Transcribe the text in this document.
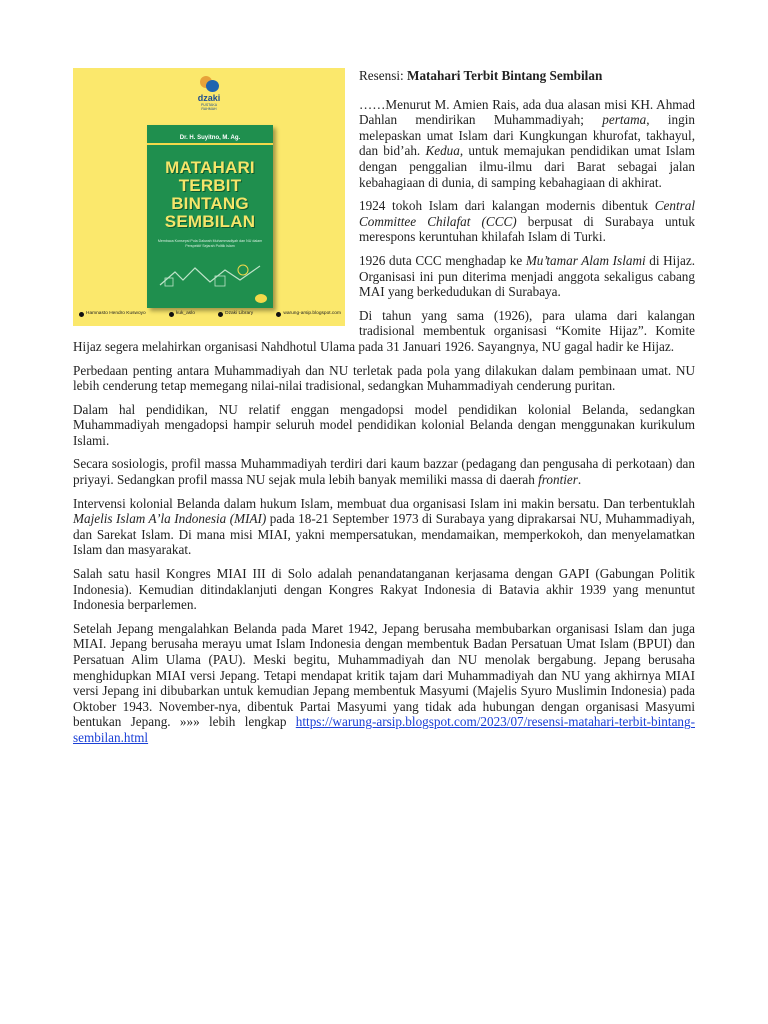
dzaki
PUSTAKA RAHMAH
Dr. H. Suyitno, M. Ag.
MATAHARI
TERBIT
BINTANG
SEMBILAN
Membaca Konsepsi Pola Dakwah Muhammadiyah dan NU dalam Perspektif Sejarah Politik Islam
Hamnasto Hendro Kuswoyo	kuk_aslo	Dzaki Library	warung-arsip.blogspot.com

Resensi: Matahari Terbit Bintang Sembilan

……Menurut M. Amien Rais, ada dua alasan misi KH. Ahmad Dahlan mendirikan Muhammadiyah; pertama, ingin melepaskan umat Islam dari Kungkungan khurofat, takhayul, dan bid’ah. Kedua, untuk memajukan pendidikan umat Islam dengan penggalian ilmu-ilmu dari Barat sebagai jalan kebahagiaan di dunia, di samping kebahagiaan di akhirat.

1924 tokoh Islam dari kalangan modernis dibentuk Central Committee Chilafat (CCC) berpusat di Surabaya untuk merespons keruntuhan khilafah Islam di Turki.

1926 duta CCC menghadap ke Mu’tamar Alam Islami di Hijaz. Organisasi ini pun diterima menjadi anggota sekaligus cabang MAI yang berkedudukan di Surabaya.

Di tahun yang sama (1926), para ulama dari kalangan tradisional membentuk organisasi “Komite Hijaz”. Komite Hijaz segera melahirkan organisasi Nahdhotul Ulama pada 31 Januari 1926. Sayangnya, NU gagal hadir ke Hijaz.

Perbedaan penting antara Muhammadiyah dan NU terletak pada pola yang dilakukan dalam pembinaan umat. NU lebih cenderung tetap memegang nilai-nilai tradisional, sedangkan Muhammadiyah cenderung puritan.

Dalam hal pendidikan, NU relatif enggan mengadopsi model pendidikan kolonial Belanda, sedangkan Muhammadiyah mengadopsi hampir seluruh model pendidikan kolonial Belanda dengan menggunakan kurikulum Islami.

Secara sosiologis, profil massa Muhammadiyah terdiri dari kaum bazzar (pedagang dan pengusaha di perkotaan) dan priyayi. Sedangkan profil massa NU sejak mula lebih banyak memiliki massa di daerah frontier.

Intervensi kolonial Belanda dalam hukum Islam, membuat dua organisasi Islam ini makin bersatu. Dan terbentuklah Majelis Islam A’la Indonesia (MIAI) pada 18-21 September 1973 di Surabaya yang diprakarsai NU, Muhammadiyah, dan Sarekat Islam. Di mana misi MIAI, yakni mempersatukan, mendamaikan, memperkokoh, dan menyelamatkan Islam dan masyarakat.

Salah satu hasil Kongres MIAI III di Solo adalah penandatanganan kerjasama dengan GAPI (Gabungan Politik Indonesia). Kemudian ditindaklanjuti dengan Kongres Rakyat Indonesia di Batavia akhir 1939 yang menuntut Indonesia berparlemen.

Setelah Jepang mengalahkan Belanda pada Maret 1942, Jepang berusaha membubarkan organisasi Islam dan juga MIAI. Jepang berusaha merayu umat Islam Indonesia dengan membentuk Badan Persatuan Umat Islam (BPUI) dan Persatuan Alim Ulama (PAU). Meski begitu, Muhammadiyah dan NU menolak bergabung. Jepang berusaha menghidupkan MIAI versi Jepang. Tetapi mendapat kritik tajam dari Muhammadiyah dan NU yang akhirnya MIAI versi Jepang ini dibubarkan untuk kemudian Jepang membentuk Masyumi (Majelis Syuro Muslimin Indonesia) pada Oktober 1943. November-nya, dibentuk Partai Masyumi yang tidak ada hubungan dengan organisasi Masyumi bentukan Jepang. »»» lebih lengkap https://warung-arsip.blogspot.com/2023/07/resensi-matahari-terbit-bintang-sembilan.html
